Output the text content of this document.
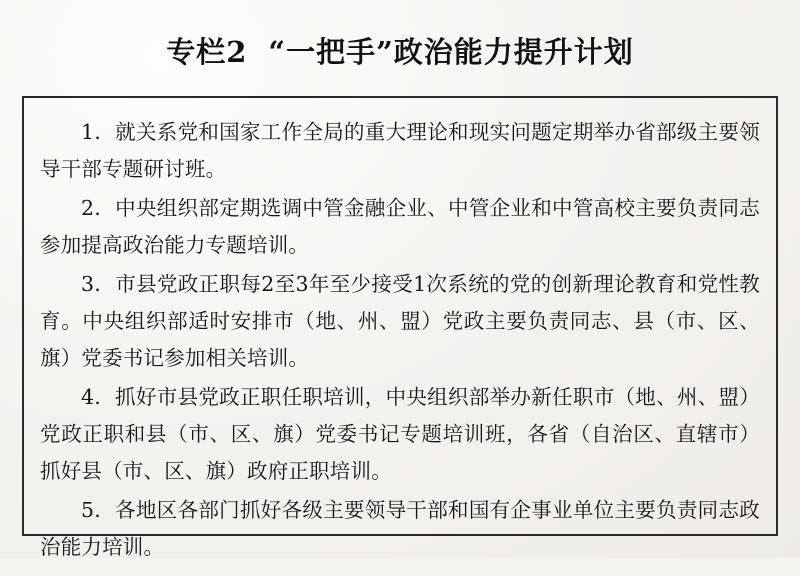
专栏2 “一把手”政治能力提升计划

1．就关系党和国家工作全局的重大理论和现实问题定期举办省部级主要领导干部专题研讨班。

2．中央组织部定期选调中管金融企业、中管企业和中管高校主要负责同志参加提高政治能力专题培训。

3．市县党政正职每2至3年至少接受1次系统的党的创新理论教育和党性教育。中央组织部适时安排市（地、州、盟）党政主要负责同志、县（市、区、旗）党委书记参加相关培训。

4．抓好市县党政正职任职培训，中央组织部举办新任职市（地、州、盟）党政正职和县（市、区、旗）党委书记专题培训班，各省（自治区、直辖市）抓好县（市、区、旗）政府正职培训。

5．各地区各部门抓好各级主要领导干部和国有企事业单位主要负责同志政治能力培训。
